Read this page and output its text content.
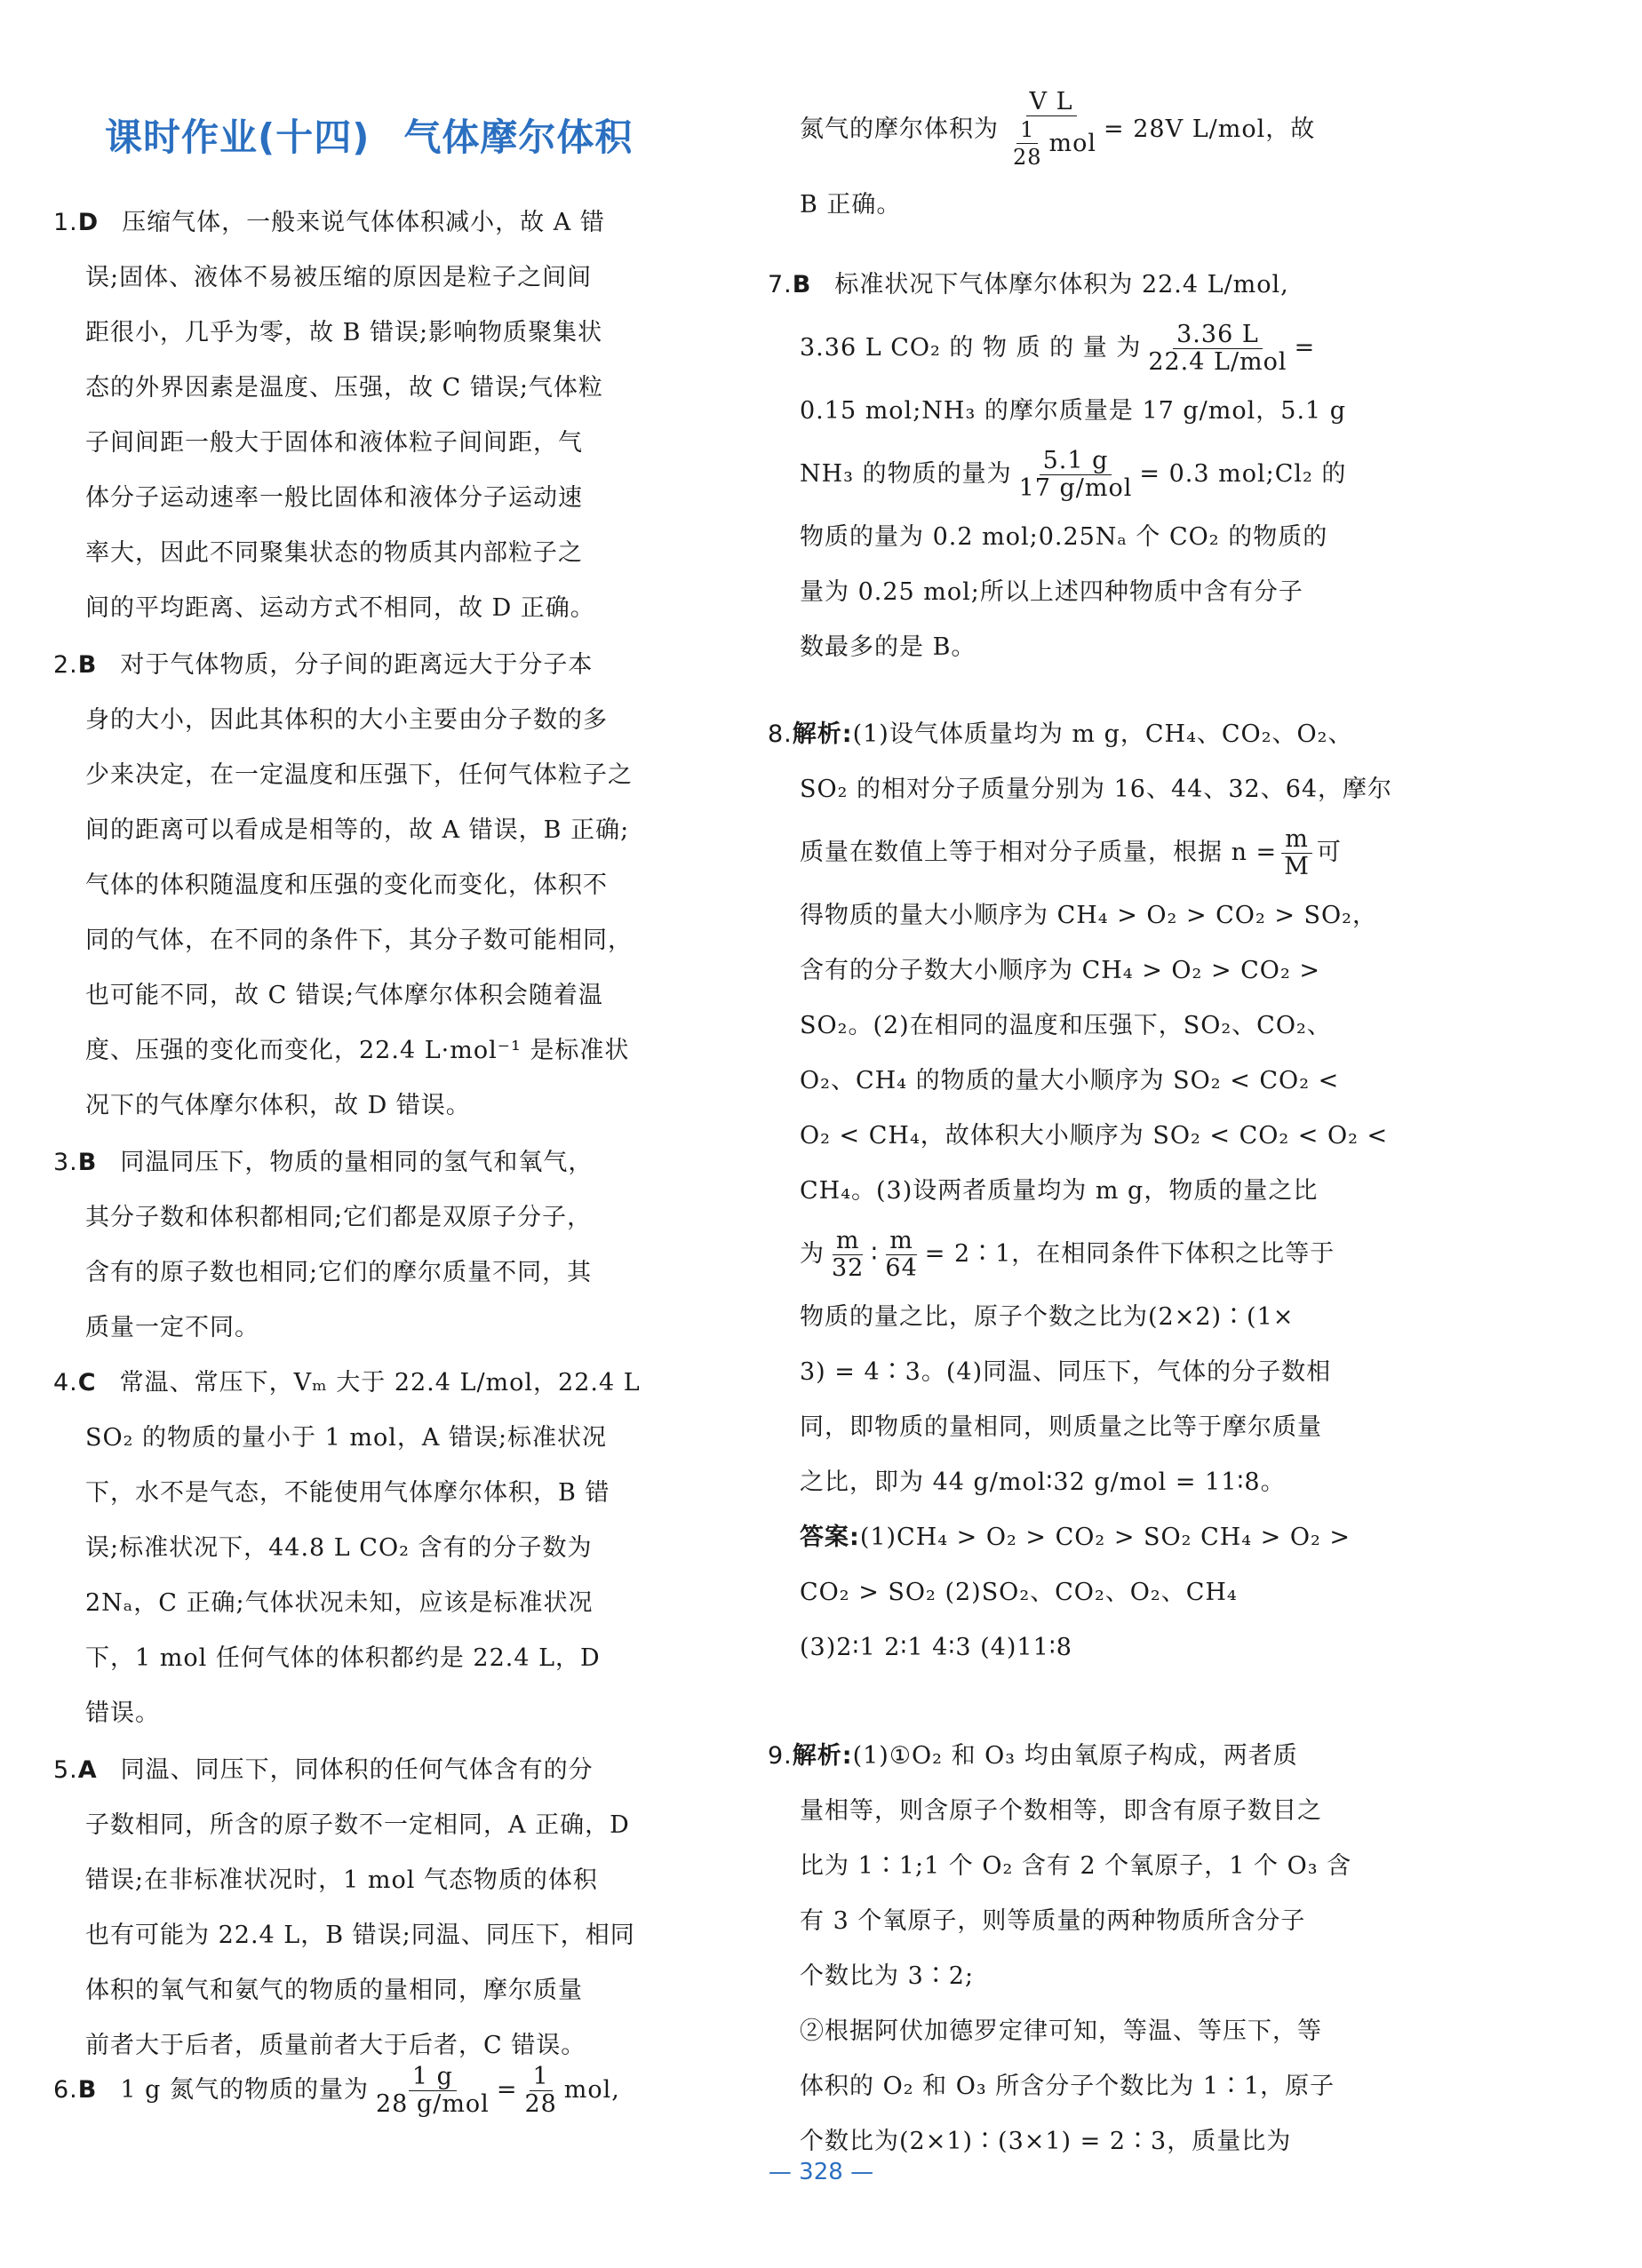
课时作业(十四) 气体摩尔体积
1.D 压缩气体，一般来说气体体积减小，故 A 错
误;固体、液体不易被压缩的原因是粒子之间间
距很小，几乎为零，故 B 错误;影响物质聚集状
态的外界因素是温度、压强，故 C 错误;气体粒
子间间距一般大于固体和液体粒子间间距，气
体分子运动速率一般比固体和液体分子运动速
率大，因此不同聚集状态的物质其内部粒子之
间的平均距离、运动方式不相同，故 D 正确。
2.B 对于气体物质，分子间的距离远大于分子本
身的大小，因此其体积的大小主要由分子数的多
少来决定，在一定温度和压强下，任何气体粒子之
间的距离可以看成是相等的，故 A 错误，B 正确;
气体的体积随温度和压强的变化而变化，体积不
同的气体，在不同的条件下，其分子数可能相同，
也可能不同，故 C 错误;气体摩尔体积会随着温
度、压强的变化而变化，22.4 L·mol⁻¹ 是标准状
况下的气体摩尔体积，故 D 错误。
3.B 同温同压下，物质的量相同的氢气和氧气，
其分子数和体积都相同;它们都是双原子分子，
含有的原子数也相同;它们的摩尔质量不同，其
质量一定不同。
4.C 常温、常压下，Vₘ 大于 22.4 L/mol，22.4 L
SO₂ 的物质的量小于 1 mol，A 错误;标准状况
下，水不是气态，不能使用气体摩尔体积，B 错
误;标准状况下，44.8 L CO₂ 含有的分子数为
2Nₐ，C 正确;气体状况未知，应该是标准状况
下，1 mol 任何气体的体积都约是 22.4 L，D
错误。
5.A 同温、同压下，同体积的任何气体含有的分
子数相同，所含的原子数不一定相同，A 正确，D
错误;在非标准状况时，1 mol 气态物质的体积
也有可能为 22.4 L，B 错误;同温、同压下，相同
体积的氧气和氨气的物质的量相同，摩尔质量
前者大于后者，质量前者大于后者，C 错误。
6. B 1 g 氮气的物质的量为 $\frac{1 g}{\text{28 g/mol}} = \frac{1}{28}$ mol,
氮气的摩尔体积为 $\frac{\text{V L}}{\frac{1}{28} mol} = 28V$ L/mol，故
B 正确。
7.B 标准状况下气体摩尔体积为 22.4 L/mol,
3.36 L CO₂ 的 物 质 的 量 为 $\frac{3.36 L}{\text{22.4 L/mol}}$ =
0.15 mol;NH₃ 的摩尔质量是 17 g/mol，5.1 g
NH₃ 的物质的量为 $\frac{5.1 g}{\text{17 g/mol}} = 0.3$ mol;Cl₂ 的
物质的量为 0.2 mol;0.25Nₐ 个 CO₂ 的物质的
量为 0.25 mol;所以上述四种物质中含有分子
数最多的是 B。
8.解析:(1)设气体质量均为 m g，CH₄、CO₂、O₂、
SO₂ 的相对分子质量分别为 16、44、32、64，摩尔
质量在数值上等于相对分子质量，根据 $n = \frac{m}{M}$ 可
得物质的量大小顺序为 CH₄ > O₂ > CO₂ > SO₂，
含有的分子数大小顺序为 CH₄ > O₂ > CO₂ >
SO₂。(2)在相同的温度和压强下，SO₂、CO₂、
O₂、CH₄ 的物质的量大小顺序为 SO₂ < CO₂ <
O₂ < CH₄，故体积大小顺序为 SO₂ < CO₂ < O₂ <
CH₄。(3)设两者质量均为 m g，物质的量之比
为 $\frac{m}{32}$ ∶ $\frac{m}{64}$ = 2∶1，在相同条件下体积之比等于
物质的量之比，原子个数之比为(2×2)∶(1×
3) = 4∶3。(4)同温、同压下，气体的分子数相
同，即物质的量相同，则质量之比等于摩尔质量
之比，即为 44 g/mol∶32 g/mol = 11∶8。
答案:(1)CH₄ > O₂ > CO₂ > SO₂ CH₄ > O₂ >
CO₂ > SO₂ (2)SO₂、CO₂、O₂、CH₄
(3)2∶1 2∶1 4∶3 (4)11∶8
9.解析:(1)①O₂ 和 O₃ 均由氧原子构成，两者质
量相等，则含原子个数相等，即含有原子数目之
比为 1∶1;1 个 O₂ 含有 2 个氧原子，1 个 O₃ 含
有 3 个氧原子，则等质量的两种物质所含分子
个数比为 3∶2;
②根据阿伏加德罗定律可知，等温、等压下，等
体积的 O₂ 和 O₃ 所含分子个数比为 1∶1，原子
个数比为(2×1)∶(3×1) = 2∶3，质量比为
— 328 —
